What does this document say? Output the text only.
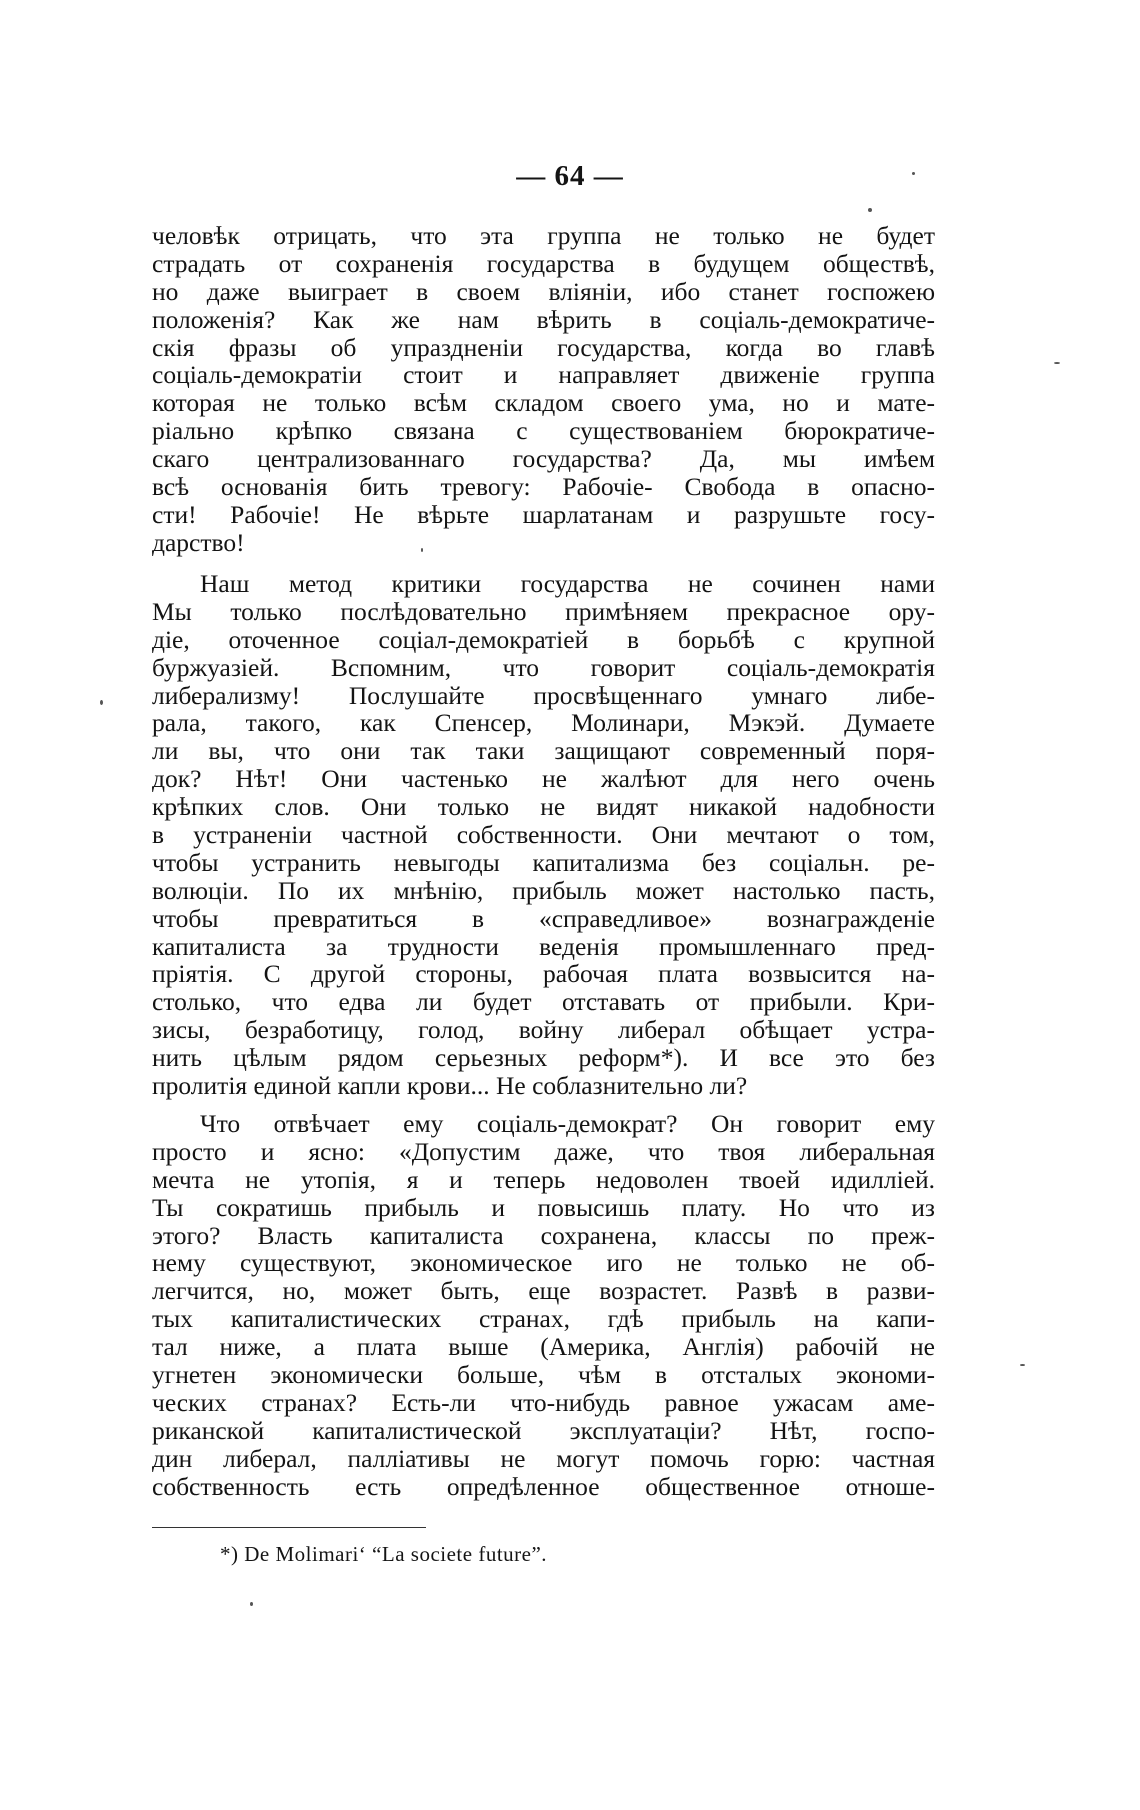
— 64 —
человѣк отрицать, что эта группа не только не будет
страдать от сохраненія государства в будущем обществѣ,
но даже выиграет в своем вліяніи, ибо станет госпожею
положенія? Как же нам вѣрить в соціаль-демократиче-
скія фразы об упраздненіи государства, когда во главѣ
соціаль-демократіи стоит и направляет движеніе группа
которая не только всѣм складом своего ума, но и мате-
ріально крѣпко связана с существованіем бюрократиче-
скаго централизованнаго государства? Да, мы имѣем
всѣ основанія бить тревогу: Рабочіе- Свобода в опасно-
сти! Рабочіе! Не вѣрьте шарлатанам и разрушьте госу-
дарство!
Наш метод критики государства не сочинен нами
Мы только послѣдовательно примѣняем прекрасное ору-
діе, оточенное соціал-демократіей в борьбѣ с крупной
буржуазіей. Вспомним, что говорит соціаль-демократія
либерализму! Послушайте просвѣщеннаго умнаго либе-
рала, такого, как Спенсер, Молинари, Мэкэй. Думаете
ли вы, что они так таки защищают современный поря-
док? Нѣт! Они частенько не жалѣют для него очень
крѣпких слов. Они только не видят никакой надобности
в устраненіи частной собственности. Они мечтают о том,
чтобы устранить невыгоды капитализма без соціальн. ре-
волюціи. По их мнѣнію, прибыль может настолько пасть,
чтобы превратиться в «справедливое» вознагражденіе
капиталиста за трудности веденія промышленнаго пред-
пріятія. С другой стороны, рабочая плата возвысится на-
столько, что едва ли будет отставать от прибыли. Кри-
зисы, безработицу, голод, войну либерал обѣщает устра-
нить цѣлым рядом серьезных реформ*). И все это без
пролитія единой капли крови... Не соблазнительно ли?
Что отвѣчает ему соціаль-демократ? Он говорит ему
просто и ясно: «Допустим даже, что твоя либеральная
мечта не утопія, я и теперь недоволен твоей идилліей.
Ты сократишь прибыль и повысишь плату. Но что из
этого? Власть капиталиста сохранена, классы по преж-
нему существуют, экономическое иго не только не об-
легчится, но, может быть, еще возрастет. Развѣ в разви-
тых капиталистических странах, гдѣ прибыль на капи-
тал ниже, а плата выше (Америка, Англія) рабочій не
угнетен экономически больше, чѣм в отсталых экономи-
ческих странах? Есть-ли что-нибудь равное ужасам аме-
риканской капиталистической эксплуатаціи? Нѣт, госпо-
дин либерал, палліативы не могут помочь горю: частная
собственность есть опредѣленное общественное отноше-
*) De Molimari‘ “La societe future”.
